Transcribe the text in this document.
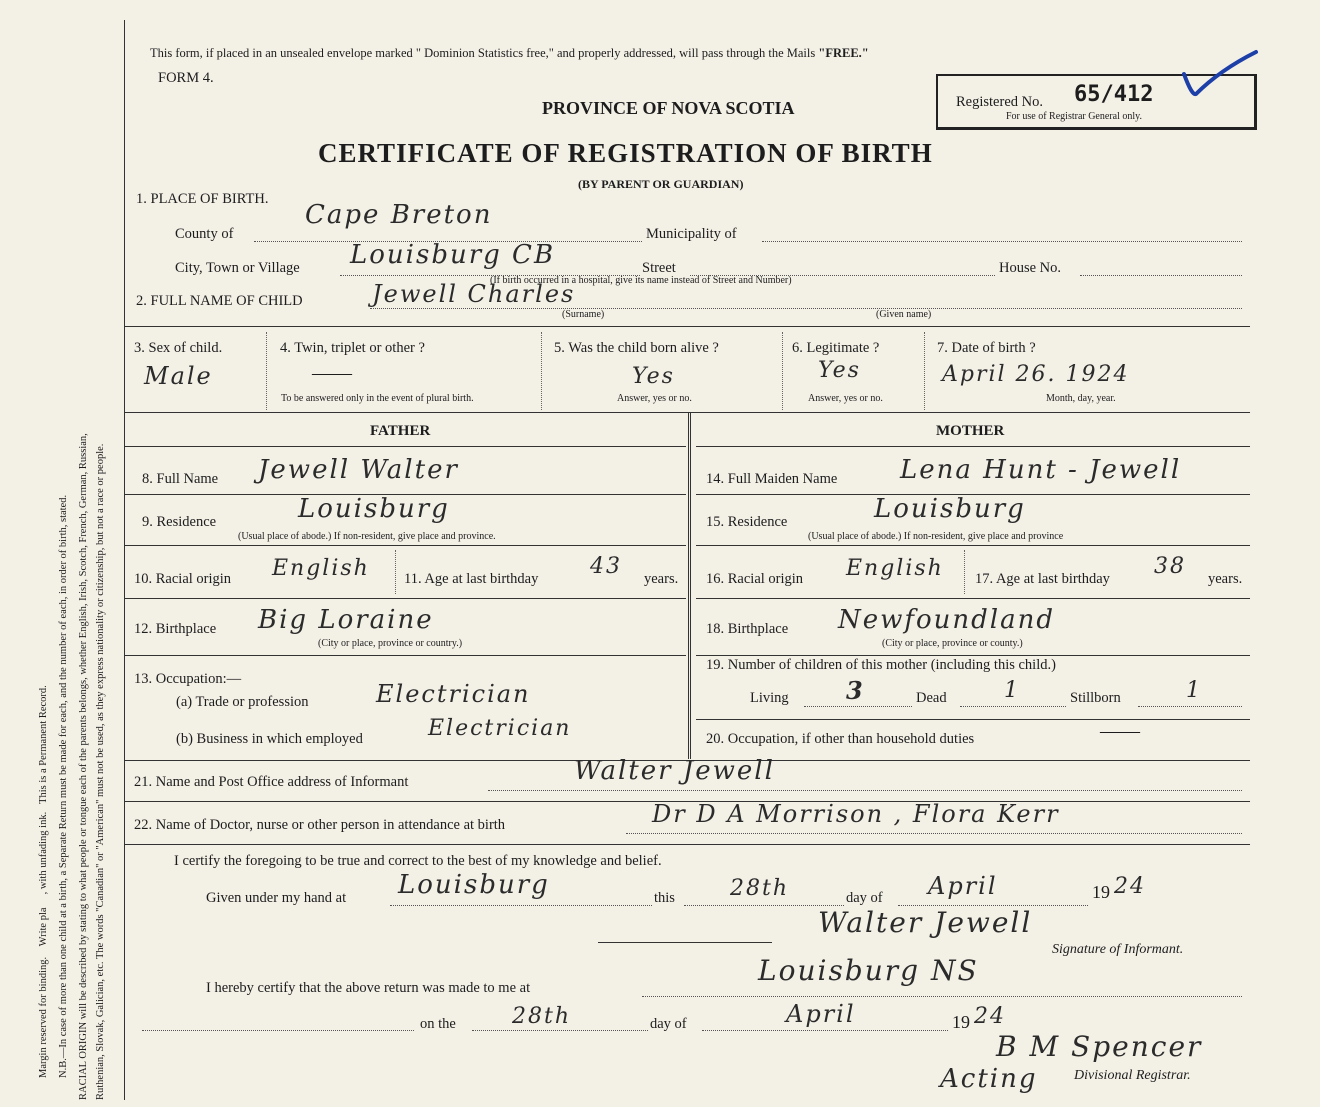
Margin reserved for binding.    Write pla     , with unfading ink.   This is a Permanent Record. N.B.—In case of more than one child at a birth, a Separate Return must be made for each, and the number of each, in order of birth, stated. RACIAL ORIGIN will be described by stating to what people or tongue each of the parents belongs, whether English, Irish, Scotch, French, German, Russian, Ruthenian, Slovak, Galician, etc. The words "Canadian" or "American" must not be used, as they express nationality or citizenship, but not a race or people.
This form, if placed in an unsealed envelope marked " Dominion Statistics free," and properly addressed, will pass through the Mails "FREE."
FORM 4.
PROVINCE OF NOVA SCOTIA
CERTIFICATE OF REGISTRATION OF BIRTH
(BY PARENT OR GUARDIAN)
Registered No. 65/412
For use of Registrar General only.
1. PLACE OF BIRTH.
County of
Cape Breton
Municipality of
City, Town or Village Louisburg CB	Street	House No.
(If birth occurred in a hospital, give its name instead of Street and Number)
2. FULL NAME OF CHILD	Jewell Charles
(Surname)	(Given name)
3. Sex of child.
Male
4. Twin, triplet or other ?
——
To be answered only in the event of plural birth.
5. Was the child born alive ?
Yes
Answer, yes or no.
6. Legitimate ?
Yes
Answer, yes or no.
7. Date of birth ?
April 26. 1924
Month, day, year.
FATHER	MOTHER
8. Full Name Jewell Walter
9. Residence	Louisburg
(Usual place of abode.) If non-resident, give place and province.
10. Racial origin English 11. Age at last birthday 43 years.
12. Birthplace Big Loraine
(City or place, province or country.)
13. Occupation:—
(a) Trade or profession	Electrician
(b) Business in which employed	Electrician
14. Full Maiden Name Lena Hunt - Jewell
15. Residence	Louisburg
(Usual place of abode.) If non-resident, give place and province
16. Racial origin English 17. Age at last birthday 38 years.
18. Birthplace Newfoundland
(City or place, province or county.)
19. Number of children of this mother (including this child.)
Living 3	Dead	1	Stillborn	1
20. Occupation, if other than household duties	——
21. Name and Post Office address of Informant	Walter Jewell
22. Name of Doctor, nurse or other person in attendance at birth	Dr D A Morrison , Flora Kerr
I certify the foregoing to be true and correct to the best of my knowledge and belief.
Given under my hand at Louisburg	this	28th	day of April	19 24
Walter Jewell
Signature of Informant.
I hereby certify that the above return was made to me at
Louisburg NS
on the	28th	day of	April	19 24
B M Spencer
Acting	Divisional Registrar.
